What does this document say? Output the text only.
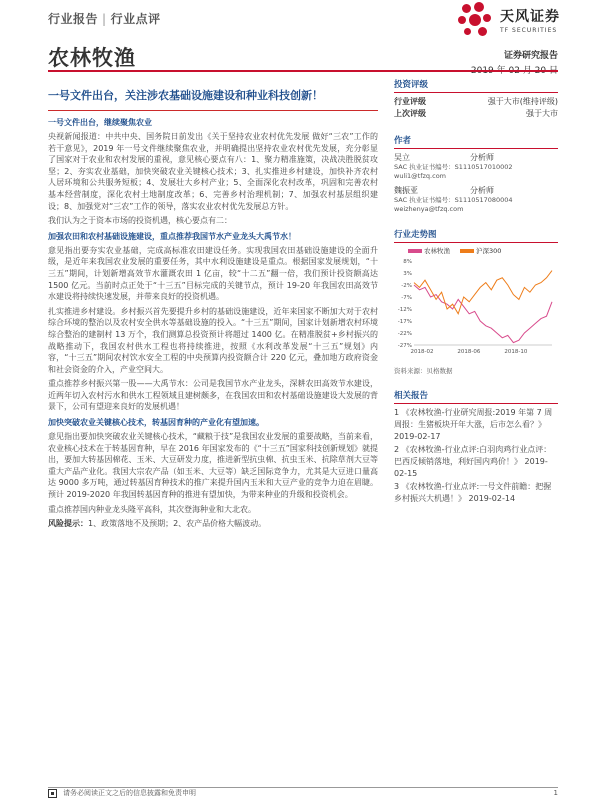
行业报告 | 行业点评	天风证券
TF SECURITIES
农林牧渔	证券研究报告
一号文件出台，关注涉农基础设施建设和种业科技创新！
一号文件出台，继续聚焦农业
央视新闻报道：中共中央、国务院日前发出《关于坚持农业农村优先发展 做好“三农”工作的若干意见》，2019 年一号文件继续聚焦农业，并明确提出坚持农业农村优先发展，充分彰显了国家对于农业和农村发展的重视，意见核心要点有八：1、聚力精准施策，决战决胜脱贫攻坚；2、夯实农业基础，加快突破农业关键核心技术；3、扎实推进乡村建设，加快补齐农村人居环境和公共服务短板；4、发展壮大乡村产业；5、全面深化农村改革，巩固和完善农村基本经营制度，深化农村土地制度改革；6、完善乡村治理机制；7、加强农村基层组织建设；8、加强党对“三农”工作的领导，落实农业农村优先发展总方针。
我们认为之于资本市场的投资机遇，核心要点有二：
加强农田和农村基础设施建设，重点推荐我国节水产业龙头大禹节水！
意见指出要夯实农业基础，完成高标准农田建设任务。实现我国农田基础设施建设的全面升级，是近年来我国农业发展的重要任务，其中水利设施建设是重点。根据国家发展规划，“十三五”期间，计划新增高效节水灌溉农田 1 亿亩，较“十二五”翻一倍，我们预计投资额高达 1500 亿元。当前时点正处于“十三五”目标完成的关键节点，预计 19-20 年我国农田高效节水建设将持续快速发展，并带来良好的投资机遇。
扎实推进乡村建设。乡村振兴首先要提升乡村的基础设施建设，近年来国家不断加大对于农村综合环境的整治以及农村安全供水等基础设施的投入。“十三五”期间，国家计划新增农村环境综合整治的建制村 13 万个，我们测算总投资预计将超过 1400 亿。在精准脱贫+乡村振兴的战略推动下，我国农村供水工程也将持续推进，按照《水利改革发展“十三五”规划》内容，“十三五”期间农村饮水安全工程的中央预算内投资额合计 220 亿元，叠加地方政府资金和社会资金的介入，产业空间大。
重点推荐乡村振兴第一股——大禹节水：公司是我国节水产业龙头，深耕农田高效节水建设，近两年切入农村污水和供水工程领域且建树颇多，在我国农田和农村基础设施建设大发展的背景下，公司有望迎来良好的发展机遇！
加快突破农业关键核心技术，转基因育种的产业化有望加速。
意见指出要加快突破农业关键核心技术，“藏粮于技”是我国农业发展的重要战略，当前来看，农业核心技术在于转基因育种，早在 2016 年国家发布的《“十三五”国家科技创新规划》就提出，要加大转基因棉花、玉米、大豆研发力度，推进新型抗虫棉、抗虫玉米、抗除草剂大豆等重大产品产业化。我国大宗农产品（如玉米、大豆等）缺乏国际竞争力，尤其是大豆进口量高达 9000 多万吨，通过转基因育种技术的推广来提升国内玉米和大豆产业的竞争力迫在眉睫。预计 2019-2020 年我国转基因育种的推进有望加快，为带来种业的升级和投资机会。
重点推荐国内种业龙头隆平高科，其次登海种业和大北农。
风险提示：1、政策落地不及预期；2、农产品价格大幅波动。
投资评级
行业评级	强于大市(维持评级)
上次评级	强于大市
作者
吴立	分析师
SAC 执业证书编号：S1110517010002
wuli1@tfzq.com
魏振亚	分析师
SAC 执业证书编号：S1110517080004
weizhenya@tfzq.com
行业走势图
农林牧渔	沪深300
8%
3%
-2%
-7%
-12%
-17%
-22%
-27%
2018-02	2018-06	2018-10
资料来源：贝格数据
相关报告
1 《农林牧渔-行业研究周报:2019 年第 7 周周报：生猪板块开年大涨，后市怎么看？》 2019-02-17
2 《农林牧渔-行业点评:白羽肉鸡行业点评：巴西反倾销落地，利好国内鸡价！》 2019-02-15
3 《农林牧渔-行业点评:一号文件前瞻：把握乡村振兴大机遇！》 2019-02-14
请务必阅读正文之后的信息披露和免责申明	1
